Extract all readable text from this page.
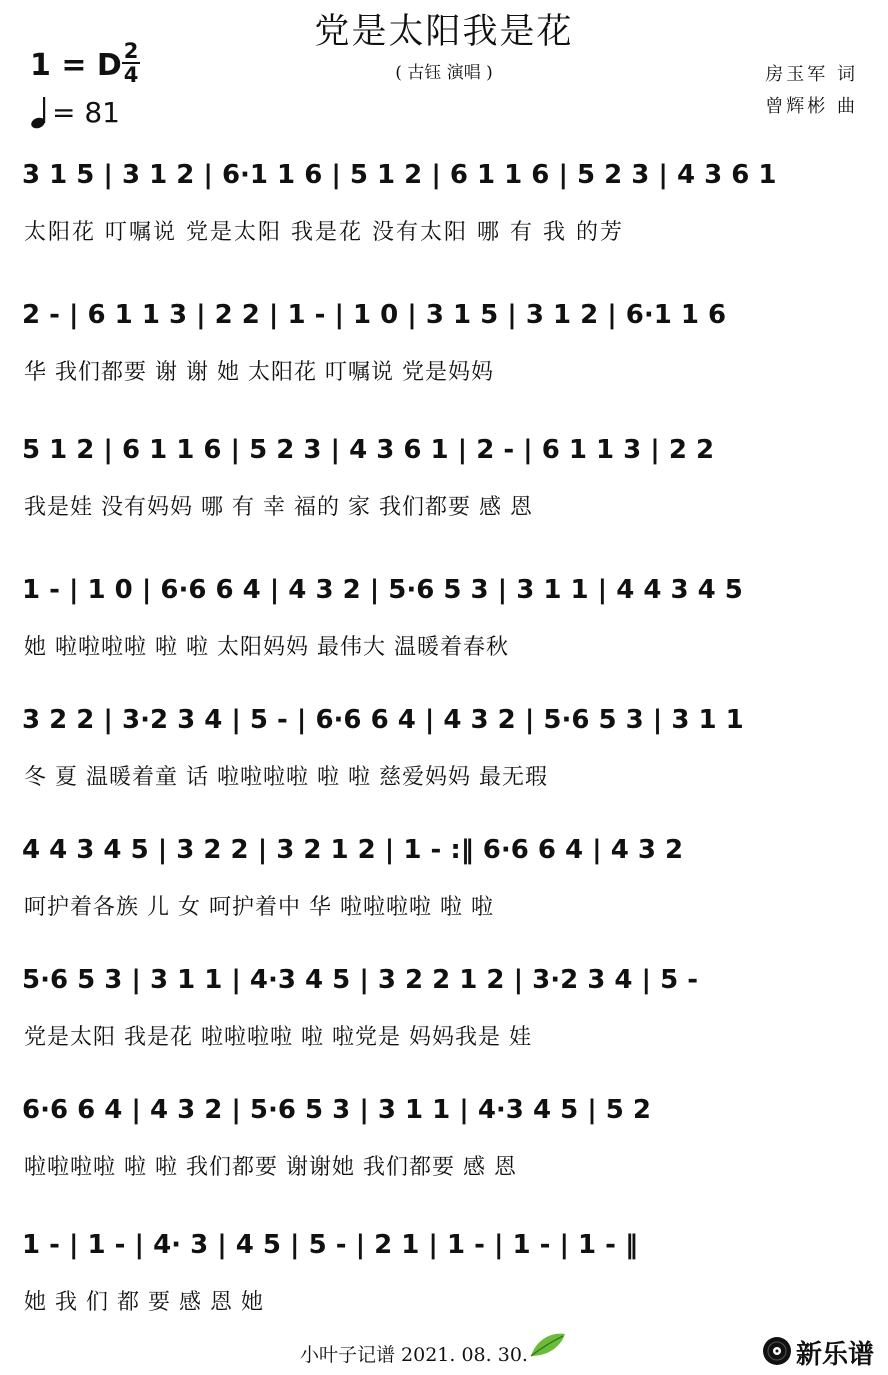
党是太阳我是花
( 古钰 演唱 )
1 = D 2
4
= 81
房玉军 词
曾辉彬 曲
3 1 5 | 3 1 2 | 6·1 1 6 | 5 1 2 | 6 1 1 6 | 5 2 3 | 4 3 6 1
太阳花 叮嘱说 党是太阳 我是花 没有太阳 哪 有 我 的芳
2 - | 6 1 1 3 | 2 2 | 1 - | 1 0 | 3 1 5 | 3 1 2 | 6·1 1 6
华 我们都要 谢 谢 她 太阳花 叮嘱说 党是妈妈
5 1 2 | 6 1 1 6 | 5 2 3 | 4 3 6 1 | 2 - | 6 1 1 3 | 2 2
我是娃 没有妈妈 哪 有 幸 福的 家 我们都要 感 恩
1 - | 1 0 | 6·6 6 4 | 4 3 2 | 5·6 5 3 | 3 1 1 | 4 4 3 4 5
她 啦啦啦啦 啦 啦 太阳妈妈 最伟大 温暖着春秋
3 2 2 | 3·2 3 4 | 5 - | 6·6 6 4 | 4 3 2 | 5·6 5 3 | 3 1 1
冬 夏 温暖着童 话 啦啦啦啦 啦 啦 慈爱妈妈 最无瑕
4 4 3 4 5 | 3 2 2 | 3 2 1 2 | 1 - :‖ 6·6 6 4 | 4 3 2
呵护着各族 儿 女 呵护着中 华 啦啦啦啦 啦 啦
5·6 5 3 | 3 1 1 | 4·3 4 5 | 3 2 2 1 2 | 3·2 3 4 | 5 -
党是太阳 我是花 啦啦啦啦 啦 啦党是 妈妈我是 娃
6·6 6 4 | 4 3 2 | 5·6 5 3 | 3 1 1 | 4·3 4 5 | 5 2
啦啦啦啦 啦 啦 我们都要 谢谢她 我们都要 感 恩
1 - | 1 - | 4· 3 | 4 5 | 5 - | 2 1 | 1 - | 1 - | 1 - ‖
她 我 们 都 要 感 恩 她
小叶子记谱 2021. 08. 30.	新乐谱
